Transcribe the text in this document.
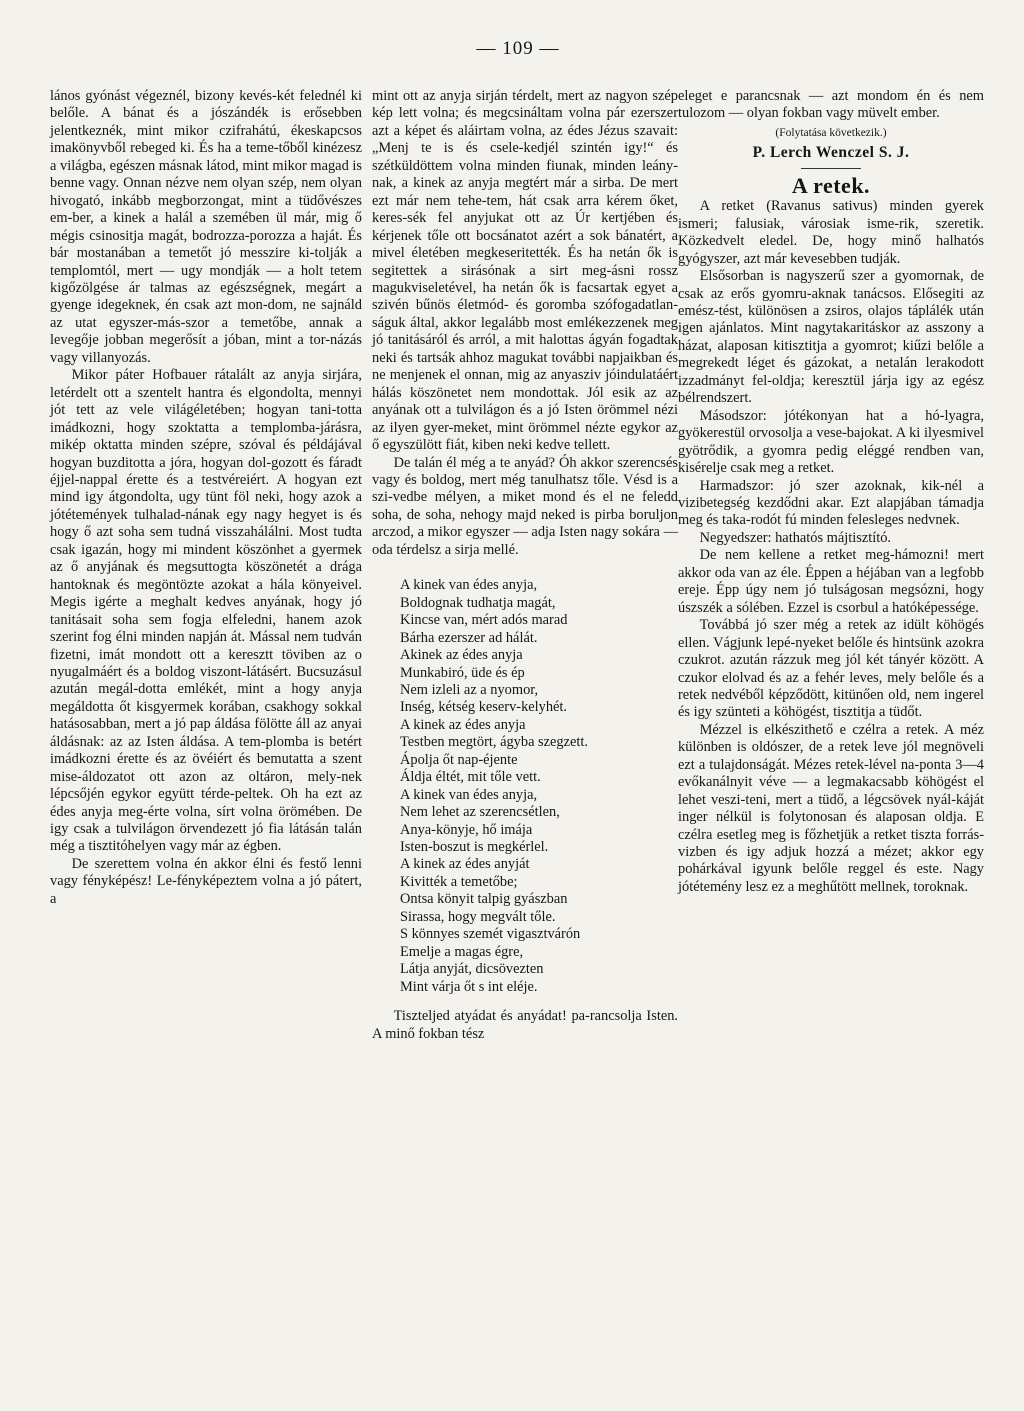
— 109 —

lános gyónást végeznél, bizony kevés-két felednél ki belőle. A bánat és a jószándék is erősebben jelentkeznék, mint mikor czifrahátú, ékeskapcsos imakönyvből rebeged ki. És ha a teme-tőből kinézesz a világba, egészen másnak látod, mint mikor magad is benne vagy. Onnan nézve nem olyan szép, nem olyan hivogató, inkább megborzongat, mint a tüdővészes em-ber, a kinek a halál a szemében ül már, mig ő mégis csinositja magát, bodrozza-porozza a haját. És bár mostanában a temetőt jó messzire ki-tolják a templomtól, mert — ugy mondják — a holt tetem kigőzölgése ár talmas az egészségnek, megárt a gyenge idegeknek, én csak azt mon-dom, ne sajnáld az utat egyszer-más-szor a temetőbe, annak a levegője jobban megerősít a jóban, mint a tor-názás vagy villanyozás.

Mikor páter Hofbauer rátalált az anyja sirjára, letérdelt ott a szentelt hantra és elgondolta, mennyi jót tett az vele világéletében; hogyan tani-totta imádkozni, hogy szoktatta a templomba-járásra, mikép oktatta minden szépre, szóval és példájával hogyan buzditotta a jóra, hogyan dol-gozott és fáradt éjjel-nappal érette és a testvéreiért. A hogyan ezt mind igy átgondolta, ugy tünt föl neki, hogy azok a jótétemények tulhalad-nának egy nagy hegyet is és hogy ő azt soha sem tudná visszahálálni. Most tudta csak igazán, hogy mi mindent köszönhet a gyermek az ő anyjának és megsuttogta köszönetét a drága hantoknak és megöntözte azokat a hála könyeivel. Megis igérte a meghalt kedves anyának, hogy jó tanitásait soha sem fogja elfeledni, hanem azok szerint fog élni minden napján át. Mással nem tudván fizetni, imát mondott ott a keresztt töviben az o nyugalmáért és a boldog viszont-látásért. Bucsuzásul azután megál-dotta emlékét, mint a hogy anyja megáldotta őt kisgyermek korában, csakhogy sokkal hatásosabban, mert a jó pap áldása fölötte áll az anyai áldásnak: az az Isten áldása. A tem-plomba is betért imádkozni érette és az övéiért és bemutatta a szent mise-áldozatot ott azon az oltáron, mely-nek lépcsőjén egykor együtt térde-peltek. Oh ha ezt az édes anyja meg-érte volna, sírt volna örömében. De igy csak a tulvilágon örvendezett jó fia látásán talán még a tisztitóhelyen vagy már az égben.

De szerettem volna én akkor élni és festő lenni vagy fényképész! Le-fényképeztem volna a jó pátert, a

mint ott az anyja sirján térdelt, mert az nagyon szép kép lett volna; és megcsináltam volna pár ezerszer azt a képet és aláirtam volna, az édes Jézus szavait: „Menj te is és csele-kedjél szintén igy!“ és szétküldöttem volna minden fiunak, minden leány-nak, a kinek az anyja megtért már a sirba. De mert ezt már nem tehe-tem, hát csak arra kérem őket, keres-sék fel anyjukat ott az Úr kertjében és kérjenek tőle ott bocsánatot azért a sok bánatért, a mivel életében megkeseritették. És ha netán ők is segitettek a sirásónak a sirt meg-ásni rossz magukviseletével, ha netán ők is facsartak egyet a szivén bűnös életmód- és goromba szófogadatlan-ságuk által, akkor legalább most emlékezzenek meg jó tanitásáról és arról, a mit halottas ágyán fogadtak neki és tartsák ahhoz magukat további napjaikban és ne menjenek el onnan, mig az anyasziv jóindulatáért hálás köszönetet nem mondottak. Jól esik az az anyának ott a tulvilágon és a jó Isten örömmel nézi az ilyen gyer-meket, mint örömmel nézte egykor az ő egyszülött fiát, kiben neki kedve tellett.

De talán él még a te anyád? Óh akkor szerencsés vagy és boldog, mert még tanulhatsz tőle. Vésd is a szi-vedbe mélyen, a miket mond és el ne feledd soha, de soha, nehogy majd neked is pirba boruljon arczod, a mikor egyszer — adja Isten nagy sokára — oda térdelsz a sirja mellé.

A kinek van édes anyja,
Boldognak tudhatja magát,
Kincse van, mért adós marad
Bárha ezerszer ad hálát.
Akinek az édes anyja
Munkabiró, üde és ép
Nem izleli az a nyomor,
Inség, kétség keserv-kelyhét.
A kinek az édes anyja
Testben megtört, ágyba szegzett.
Ápolja őt nap-éjente
Áldja éltét, mit tőle vett.
A kinek van édes anyja,
Nem lehet az szerencsétlen,
Anya-könyje, hő imája
Isten-boszut is megkérlel.
A kinek az édes anyját
Kivitték a temetőbe;
Ontsa könyit talpig gyászban
Sirassa, hogy megvált tőle.
S könnyes szemét vigasztvárón
Emelje a magas égre,
Látja anyját, dicsövezten
Mint várja őt s int eléje.

Tiszteljed atyádat és anyádat! pa-rancsolja Isten. A minő fokban tész

eleget e parancsnak — azt mondom én és nem tulozom — olyan fokban vagy müvelt ember.

(Folytatása következik.)
P. Lerch Wenczel S. J.
A retek.

A retket (Ravanus sativus) minden gyerek ismeri; falusiak, városiak isme-rik, szeretik. Közkedvelt eledel. De, hogy minő halhatós gyógyszer, azt már kevesebben tudják.

Elsősorban is nagyszerű szer a gyomornak, de csak az erős gyomru-aknak tanácsos. Elősegiti az emész-tést, különösen a zsiros, olajos táplálék után igen ajánlatos. Mint nagytakaritáskor az asszony a házat, alaposan kitisztitja a gyomrot; kiűzi belőle a megrekedt léget és gázokat, a netalán lerakodott izzadmányt fel-oldja; keresztül járja igy az egész bélrendszert.

Másodszor: jótékonyan hat a hó-lyagra, gyökerestül orvosolja a vese-bajokat. A ki ilyesmivel gyötrődik, a gyomra pedig eléggé rendben van, kisérelje csak meg a retket.

Harmadszor: jó szer azoknak, kik-nél a vizibetegség kezdődni akar. Ezt alapjában támadja meg és taka-rodót fú minden felesleges nedvnek.

Negyedszer: hathatós májtisztító.

De nem kellene a retket meg-hámozni! mert akkor oda van az éle. Éppen a héjában van a legfobb ereje. Épp úgy nem jó tulságosan megsózni, hogy úszszék a sólében. Ezzel is csorbul a hatóképessége.

Továbbá jó szer még a retek az idült köhögés ellen. Vágjunk lepé-nyeket belőle és hintsünk azokra czukrot. azután rázzuk meg jól két tányér között. A czukor elolvad és az a fehér leves, mely belőle és a retek nedvéből képződött, kitünően old, nem ingerel és igy szünteti a köhögést, tisztitja a tüdőt.

Mézzel is elkészithető e czélra a retek. A méz különben is oldószer, de a retek leve jól megnöveli ezt a tulajdonságát. Mézes retek-lével na-ponta 3—4 evőkanálnyit véve — a legmakacsabb köhögést el lehet veszi-teni, mert a tüdő, a légcsövek nyál-káját inger nélkül is folytonosan és alaposan oldja. E czélra esetleg meg is főzhetjük a retket tiszta forrás-vizben és igy adjuk hozzá a mézet; akkor egy pohárkával igyunk belőle reggel és este. Nagy jótétemény lesz ez a meghűtött mellnek, toroknak.
